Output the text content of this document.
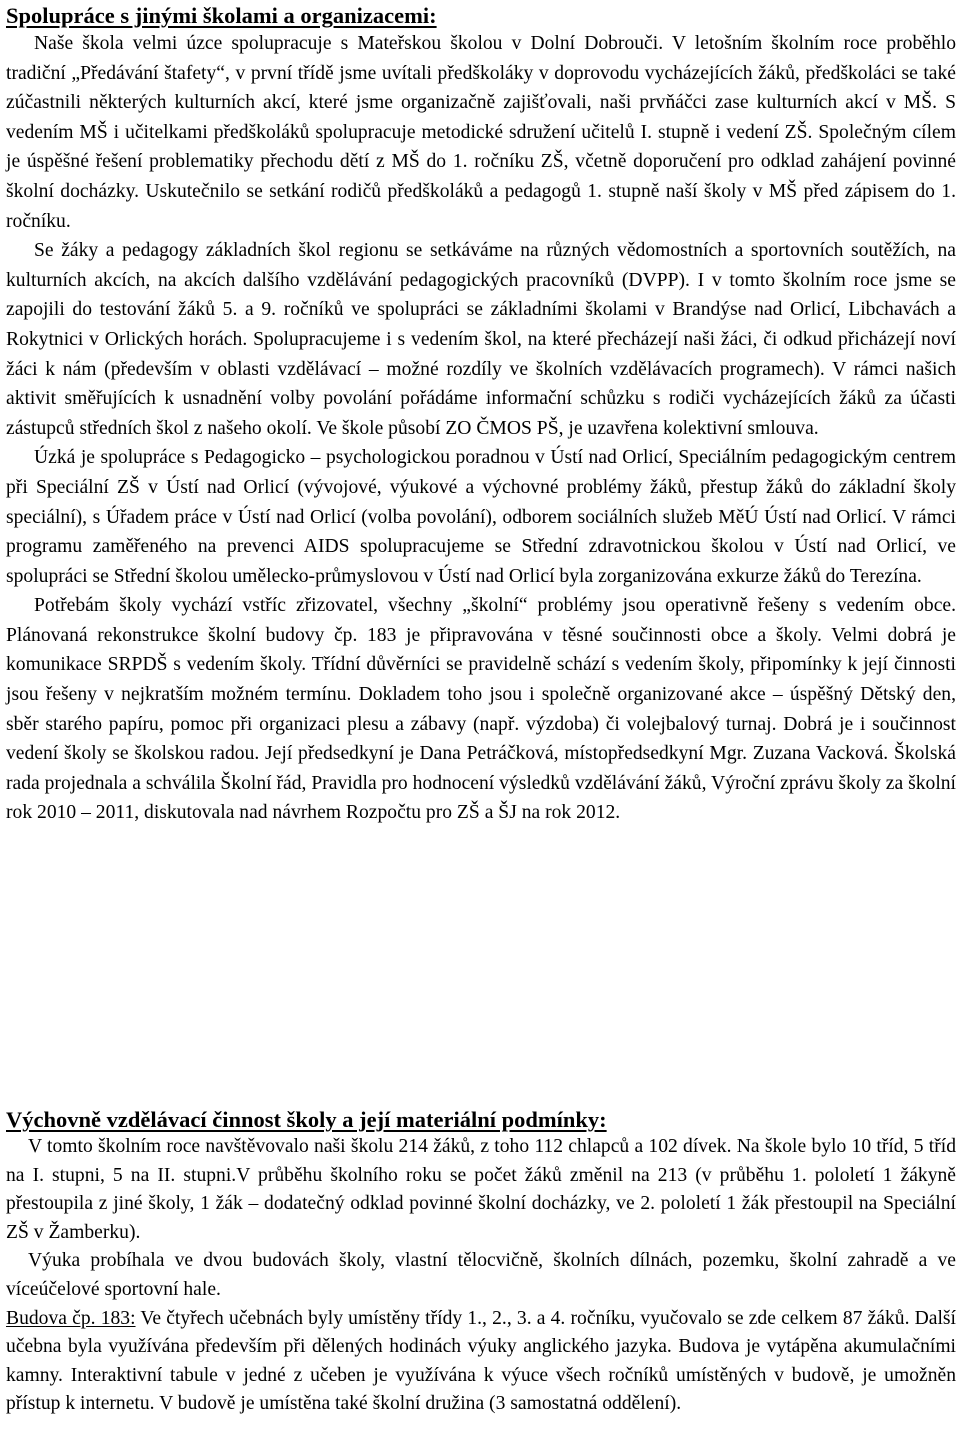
Spolupráce s jinými školami a organizacemi:

Naše škola velmi úzce spolupracuje s Mateřskou školou v Dolní Dobrouči. V letošním školním roce proběhlo tradiční „Předávání štafety“, v první třídě jsme uvítali předškoláky v doprovodu vycházejících žáků, předškoláci se také zúčastnili některých kulturních akcí, které jsme organizačně zajišťovali, naši prvňáčci zase kulturních akcí v MŠ. S vedením MŠ i učitelkami předškoláků spolupracuje metodické sdružení učitelů I. stupně i vedení ZŠ. Společným cílem je úspěšné řešení problematiky přechodu dětí z MŠ do 1. ročníku ZŠ, včetně doporučení pro odklad zahájení povinné školní docházky. Uskutečnilo se setkání rodičů předškoláků a pedagogů 1. stupně naší školy v MŠ před zápisem do 1. ročníku.

Se žáky a pedagogy základních škol regionu se setkáváme na různých vědomostních a sportovních soutěžích, na kulturních akcích, na akcích dalšího vzdělávání pedagogických pracovníků (DVPP). I v tomto školním roce jsme se zapojili do testování žáků 5. a 9. ročníků ve spolupráci se základními školami v Brandýse nad Orlicí, Libchavách a Rokytnici v Orlických horách. Spolupracujeme i s vedením škol, na které přecházejí naši žáci, či odkud přicházejí noví žáci k nám (především v oblasti vzdělávací – možné rozdíly ve školních vzdělávacích programech). V rámci našich aktivit směřujících k usnadnění volby povolání pořádáme informační schůzku s rodiči vycházejících žáků za účasti zástupců středních škol z našeho okolí. Ve škole působí ZO ČMOS PŠ, je uzavřena kolektivní smlouva.

Úzká je spolupráce s Pedagogicko – psychologickou poradnou v Ústí nad Orlicí, Speciálním pedagogickým centrem při Speciální ZŠ v Ústí nad Orlicí (vývojové, výukové a výchovné problémy žáků, přestup žáků do základní školy speciální), s Úřadem práce v Ústí nad Orlicí (volba povolání), odborem sociálních služeb MěÚ Ústí nad Orlicí. V rámci programu zaměřeného na prevenci AIDS spolupracujeme se Střední zdravotnickou školou v Ústí nad Orlicí, ve spolupráci se Střední školou umělecko-průmyslovou v Ústí nad Orlicí byla zorganizována exkurze žáků do Terezína.

Potřebám školy vychází vstříc zřizovatel, všechny „školní“ problémy jsou operativně řešeny s vedením obce. Plánovaná rekonstrukce školní budovy čp. 183 je připravována v těsné součinnosti obce a školy. Velmi dobrá je komunikace SRPDŠ s vedením školy. Třídní důvěrníci se pravidelně schází s vedením školy, připomínky k její činnosti jsou řešeny v nejkratším možném termínu. Dokladem toho jsou i společně organizované akce – úspěšný Dětský den, sběr starého papíru, pomoc při organizaci plesu a zábavy (např. výzdoba) či volejbalový turnaj. Dobrá je i součinnost vedení školy se školskou radou. Její předsedkyní je Dana Petráčková, místopředsedkyní Mgr. Zuzana Vacková. Školská rada projednala a schválila Školní řád, Pravidla pro hodnocení výsledků vzdělávání žáků, Výroční zprávu školy za školní rok 2010 – 2011, diskutovala nad návrhem Rozpočtu pro ZŠ a ŠJ na rok 2012.

Výchovně vzdělávací činnost školy a její materiální podmínky:

V tomto školním roce navštěvovalo naši školu 214 žáků, z toho 112 chlapců a 102 dívek. Na škole bylo 10 tříd, 5 tříd na I. stupni, 5 na II. stupni.V průběhu školního roku se počet žáků změnil na 213 (v průběhu 1. pololetí 1 žákyně přestoupila z jiné školy, 1 žák – dodatečný odklad povinné školní docházky, ve 2. pololetí 1 žák přestoupil na Speciální ZŠ v Žamberku).

Výuka probíhala ve dvou budovách školy, vlastní tělocvičně, školních dílnách, pozemku, školní zahradě a ve víceúčelové sportovní hale.

Budova čp. 183: Ve čtyřech učebnách byly umístěny třídy 1., 2., 3. a 4. ročníku, vyučovalo se zde celkem 87 žáků. Další učebna byla využívána především při dělených hodinách výuky anglického jazyka. Budova je vytápěna akumulačními kamny. Interaktivní tabule v jedné z učeben je využívána k výuce všech ročníků umístěných v budově, je umožněn přístup k internetu. V budově je umístěna také školní družina (3 samostatná oddělení).
